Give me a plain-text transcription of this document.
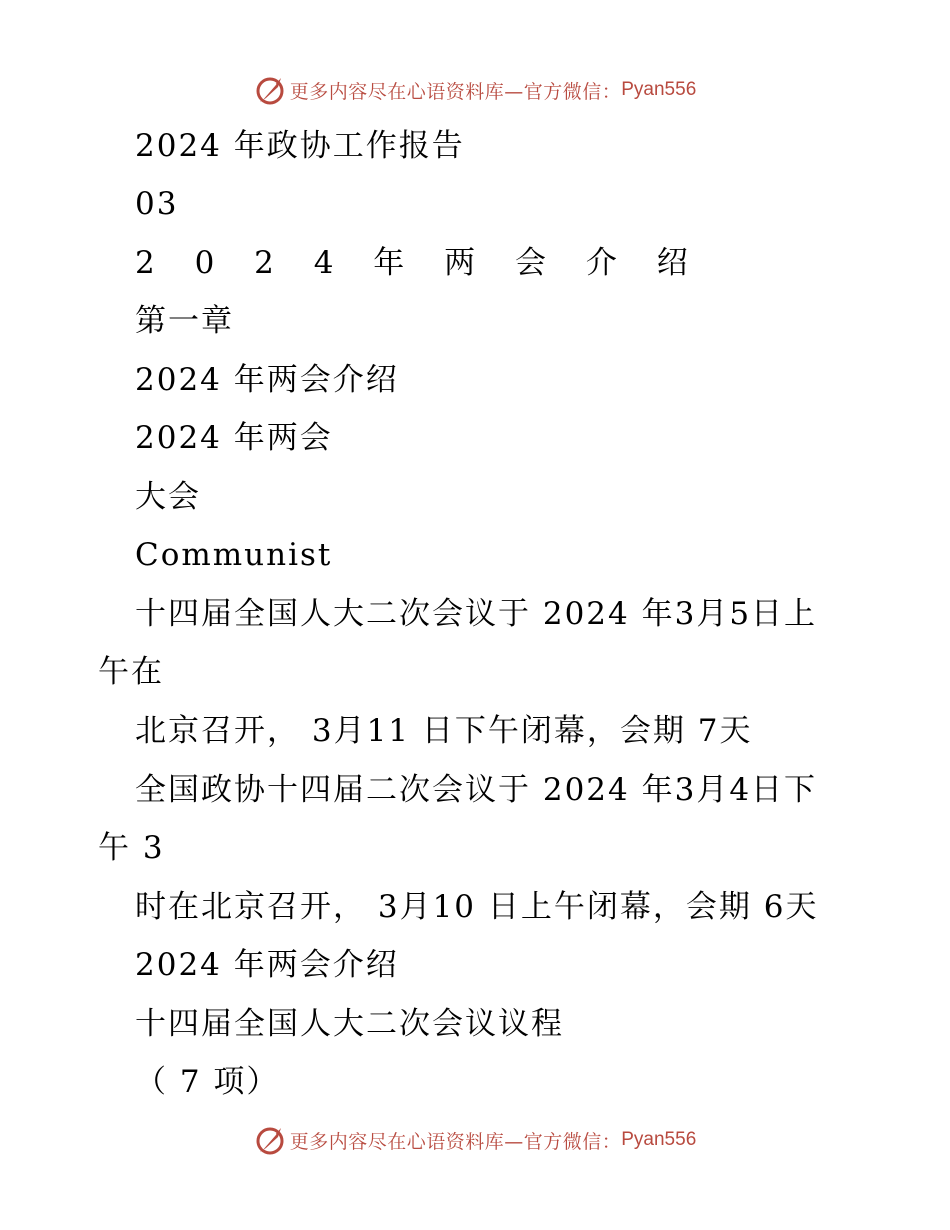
更多内容尽在心语资料库—官方微信： Pyan556
2024 年政协工作报告
03
2 0 2 4 年 两 会 介 绍
第一章
2024 年两会介绍
2024 年两会
大会
Communist
十四届全国人大二次会议于 2024 年3月5日上
午在
北京召开， 3月11 日下午闭幕，会期 7天
全国政协十四届二次会议于 2024 年3月4日下
午 3
时在北京召开， 3月10 日上午闭幕，会期 6天
2024 年两会介绍
十四届全国人大二次会议议程
（ 7 项）
更多内容尽在心语资料库—官方微信： Pyan556
